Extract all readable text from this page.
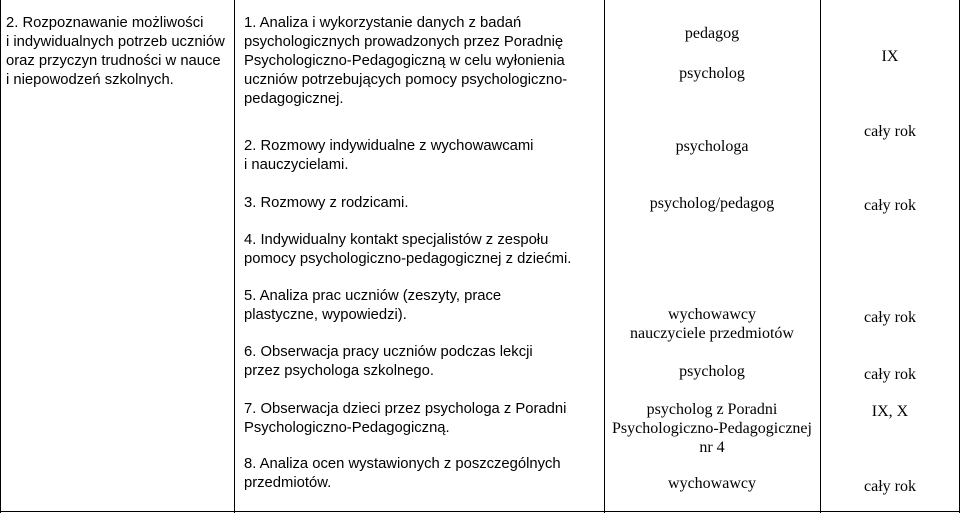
2. Rozpoznawanie możliwości
i indywidualnych potrzeb uczniów
oraz przyczyn trudności w nauce
i niepowodzeń szkolnych.
1. Analiza i wykorzystanie danych z badań
psychologicznych prowadzonych przez Poradnię
Psychologiczno-Pedagogiczną w celu wyłonienia
uczniów potrzebujących pomocy psychologiczno-
pedagogicznej.
2. Rozmowy indywidualne z wychowawcami
i nauczycielami.
3. Rozmowy z rodzicami.
4. Indywidualny kontakt specjalistów z zespołu
pomocy psychologiczno-pedagogicznej z dziećmi.
5. Analiza prac uczniów (zeszyty, prace
plastyczne, wypowiedzi).
6. Obserwacja pracy uczniów podczas lekcji
przez psychologa szkolnego.
7. Obserwacja dzieci przez psychologa z Poradni
Psychologiczno-Pedagogiczną.
8. Analiza ocen wystawionych z poszczególnych
przedmiotów.
pedagog
psycholog
psychologa
psycholog/pedagog
wychowawcy
nauczyciele przedmiotów
psycholog
psycholog z Poradni
Psychologiczno-Pedagogicznej
nr 4
wychowawcy
IX
cały rok
cały rok
cały rok
cały rok
IX, X
cały rok
